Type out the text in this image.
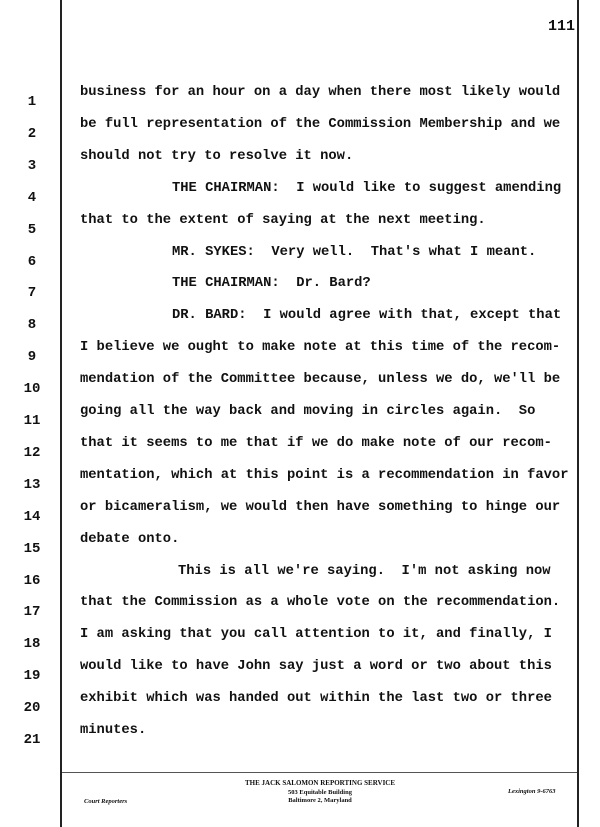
111
1
2
3
4
5
6
7
8
9
10
11
12
13
14
15
16
17
18
19
20
21
business for an hour on a day when there most likely would
be full representation of the Commission Membership and we
should not try to resolve it now.
THE CHAIRMAN:  I would like to suggest amending
that to the extent of saying at the next meeting.
MR. SYKES:  Very well.  That's what I meant.
THE CHAIRMAN:  Dr. Bard?
DR. BARD:  I would agree with that, except that
I believe we ought to make note at this time of the recom-
mendation of the Committee because, unless we do, we'll be
going all the way back and moving in circles again.  So
that it seems to me that if we do make note of our recom-
mentation, which at this point is a recommendation in favor
or bicameralism, we would then have something to hinge our
debate onto.
This is all we're saying.  I'm not asking now
that the Commission as a whole vote on the recommendation.
I am asking that you call attention to it, and finally, I
would like to have John say just a word or two about this
exhibit which was handed out within the last two or three
minutes.
THE JACK SALOMON REPORTING SERVICE
503 Equitable Building
Baltimore 2, Maryland
Court Reporters
Lexington 9-6763
